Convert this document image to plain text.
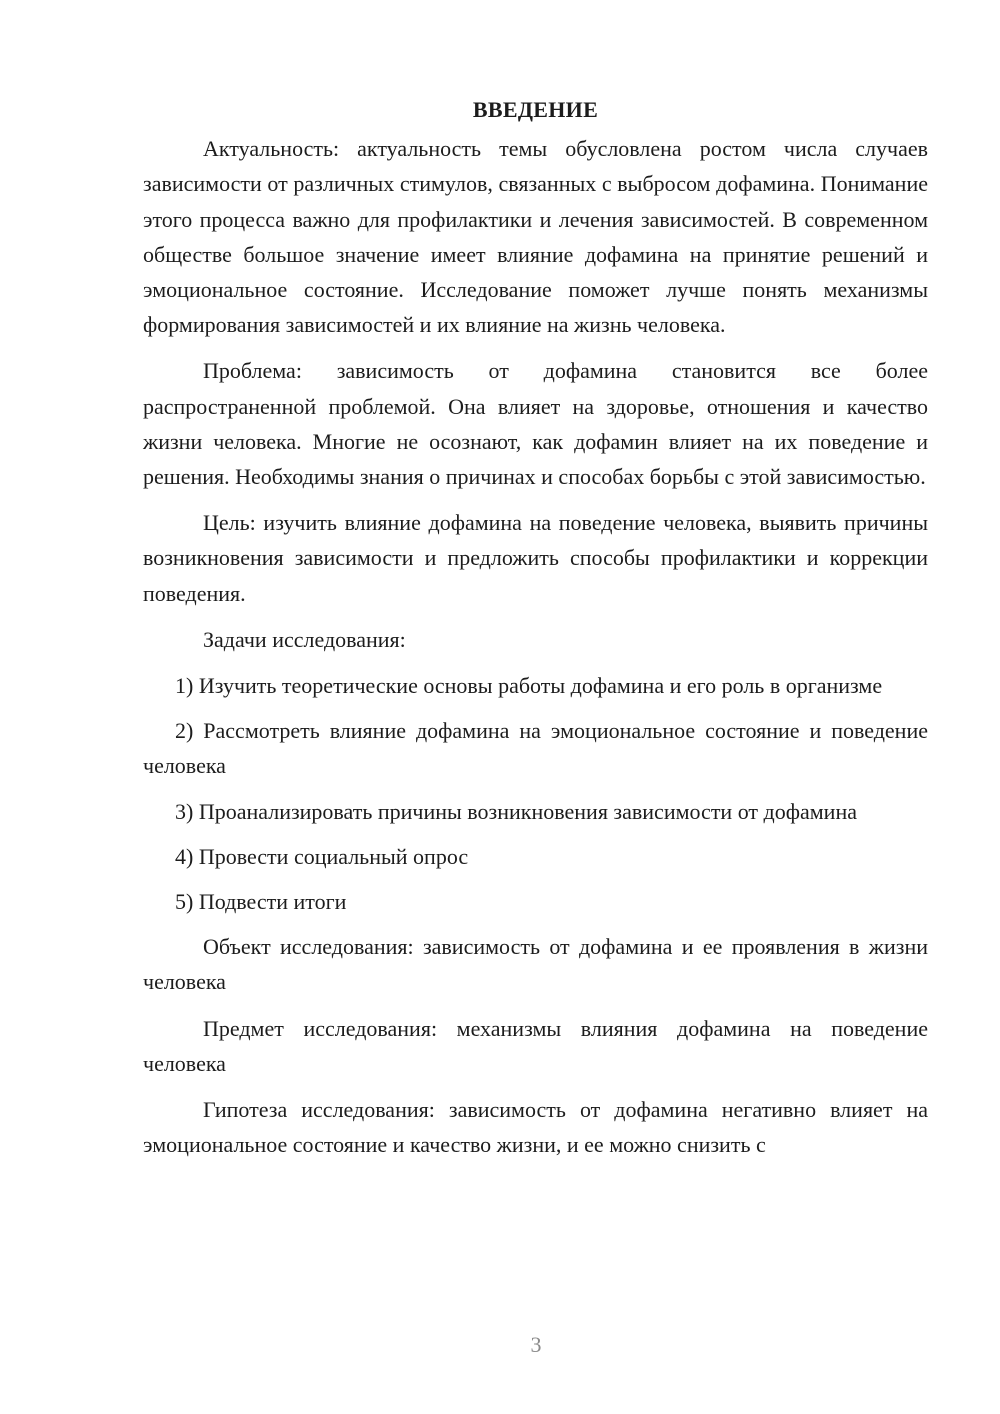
ВВЕДЕНИЕ

Актуальность: актуальность темы обусловлена ростом числа случаев зависимости от различных стимулов, связанных с выбросом дофамина. Понимание этого процесса важно для профилактики и лечения зависимостей. В современном обществе большое значение имеет влияние дофамина на принятие решений и эмоциональное состояние. Исследование поможет лучше понять механизмы формирования зависимостей и их влияние на жизнь человека.

Проблема: зависимость от дофамина становится все более распространенной проблемой. Она влияет на здоровье, отношения и качество жизни человека. Многие не осознают, как дофамин влияет на их поведение и решения. Необходимы знания о причинах и способах борьбы с этой зависимостью.

Цель: изучить влияние дофамина на поведение человека, выявить причины возникновения зависимости и предложить способы профилактики и коррекции поведения.

Задачи исследования:

1) Изучить теоретические основы работы дофамина и его роль в организме

2) Рассмотреть влияние дофамина на эмоциональное состояние и поведение человека

3) Проанализировать причины возникновения зависимости от дофамина

4) Провести социальный опрос

5) Подвести итоги

Объект исследования: зависимость от дофамина и ее проявления в жизни человека

Предмет исследования: механизмы влияния дофамина на поведение человека

Гипотеза исследования: зависимость от дофамина негативно влияет на эмоциональное состояние и качество жизни, и ее можно снизить с

3
